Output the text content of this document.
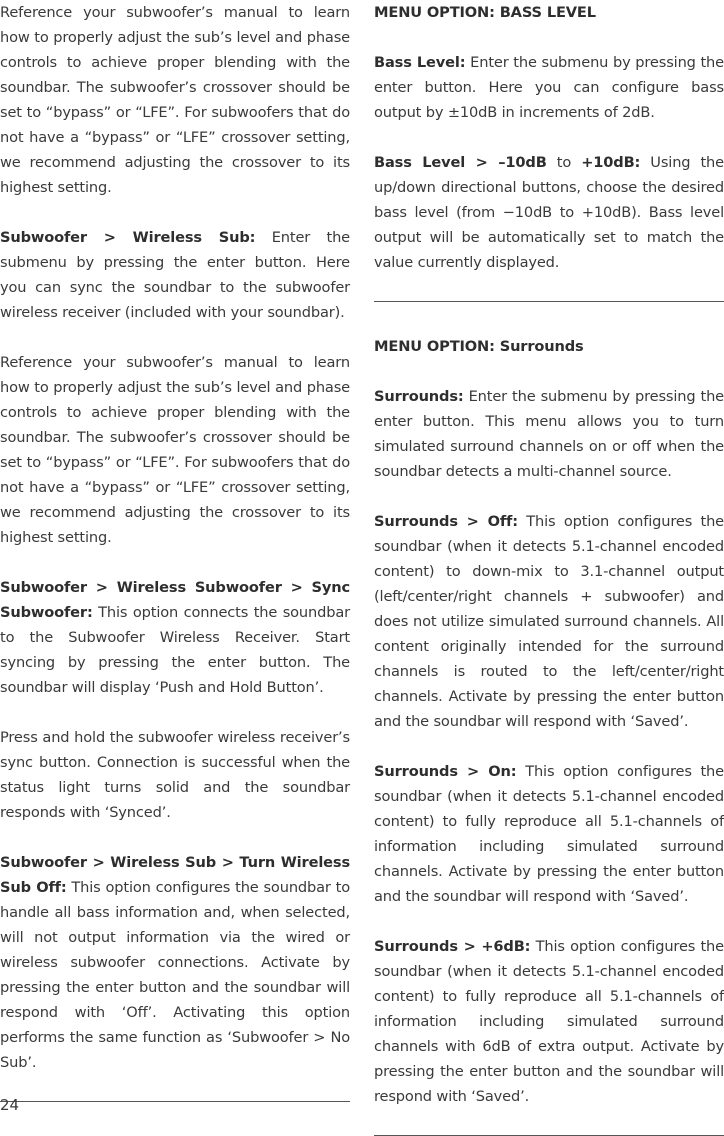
Reference your subwoofer’s manual to learn how to properly adjust the sub’s level and phase controls to achieve proper blending with the soundbar. The subwoofer’s crossover should be set to “bypass” or “LFE”. For subwoofers that do not have a “bypass” or “LFE” crossover setting, we recommend adjusting the crossover to its highest setting.

Subwoofer > Wireless Sub: Enter the submenu by pressing the enter button. Here you can sync the soundbar to the subwoofer wireless receiver (included with your soundbar).

Reference your subwoofer’s manual to learn how to properly adjust the sub’s level and phase controls to achieve proper blending with the soundbar. The subwoofer’s crossover should be set to “bypass” or “LFE”. For subwoofers that do not have a “bypass” or “LFE” crossover setting, we recommend adjusting the crossover to its highest setting.

Subwoofer > Wireless Subwoofer > Sync Subwoofer: This option connects the soundbar to the Subwoofer Wireless Receiver. Start syncing by pressing the enter button. The soundbar will display ‘Push and Hold Button’.

Press and hold the subwoofer wireless receiver’s sync button. Connection is successful when the status light turns solid and the soundbar responds with ‘Synced’.

Subwoofer > Wireless Sub > Turn Wireless Sub Off: This option configures the soundbar to handle all bass information and, when selected, will not output information via the wired or wireless subwoofer connections. Activate by pressing the enter button and the soundbar will respond with ‘Off’. Activating this option performs the same function as ‘Subwoofer > No Sub’.

MENU OPTION: BASS LEVEL

Bass Level: Enter the submenu by pressing the enter button. Here you can configure bass output by ±10dB in increments of 2dB.

Bass Level > –10dB to +10dB: Using the up/down directional buttons, choose the desired bass level (from −10dB to +10dB). Bass level output will be automatically set to match the value currently displayed.

MENU OPTION: Surrounds

Surrounds: Enter the submenu by pressing the enter button. This menu allows you to turn simulated surround channels on or off when the soundbar detects a multi-channel source.

Surrounds > Off: This option configures the soundbar (when it detects 5.1-channel encoded content) to down-mix to 3.1-channel output (left/center/right channels + subwoofer) and does not utilize simulated surround channels. All content originally intended for the surround channels is routed to the left/center/right channels. Activate by pressing the enter button and the soundbar will respond with ‘Saved’.

Surrounds > On: This option configures the soundbar (when it detects 5.1-channel encoded content) to fully reproduce all 5.1-channels of information including simulated surround channels. Activate by pressing the enter button and the soundbar will respond with ‘Saved’.

Surrounds > +6dB: This option configures the soundbar (when it detects 5.1-channel encoded content) to fully reproduce all 5.1-channels of information including simulated surround channels with 6dB of extra output. Activate by pressing the enter button and the soundbar will respond with ‘Saved’.

24
